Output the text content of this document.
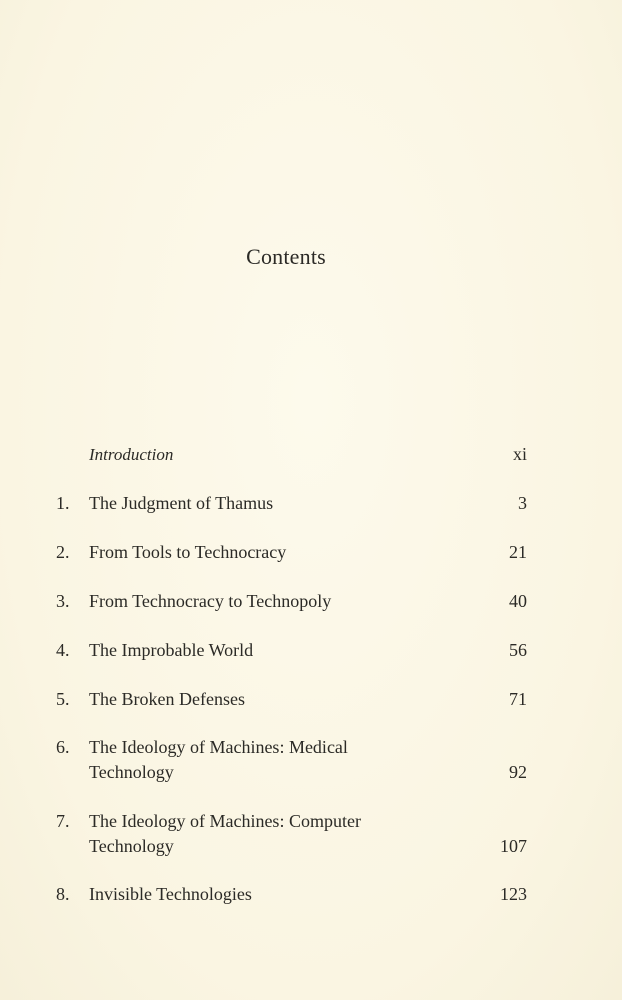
Contents
Introduction	xi
1.	The Judgment of Thamus	3
2.	From Tools to Technocracy	21
3.	From Technocracy to Technopoly	40
4.	The Improbable World	56
5.	The Broken Defenses	71
6.	The Ideology of Machines: Medical
Technology	92
7.	The Ideology of Machines: Computer
Technology	107
8.	Invisible Technologies	123
